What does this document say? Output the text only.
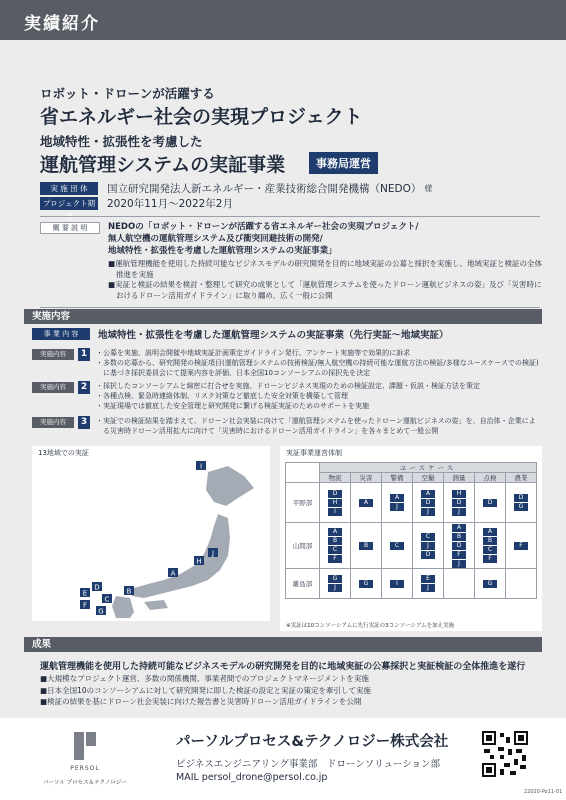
実績紹介
ロボット・ドローンが活躍する
省エネルギー社会の実現プロジェクト
地域特性・拡張性を考慮した
運航管理システムの実証事業	事務局運営
実 施 団 体	国立研究開発法人新エネルギー・産業技術総合開発機構（NEDO） 様
プロジェクト期間
2020年11月～2022年2月
概 要 説 明	NEDOの「ロボット・ドローンが活躍する省エネルギー社会の実現プロジェクト/
無人航空機の運航管理システム及び衝突回避技術の開発/
地域特性・拡張性を考慮した運航管理システムの実証事業」
■運航管理機能を使用した持続可能なビジネスモデルの研究開発を目的に地域実証の公募と採択を実施し、地域実証と検証の全体推進を実施
■実証と検証の結果を検討・整理して研究の成果として「運航管理システムを使ったドローン運航ビジネスの姿」及び「災害時におけるドローン活用ガイドライン」に取り纏め、広く一般に公開
実施内容
事 業 内 容	地域特性・拡張性を考慮した運航管理システムの実証事業（先行実証～地域実証）
実施内容	1	・公募を実施、説明会開催や地域実証計画策定ガイドライン発行、アンケート実施等で効果的に訴求
・多数の応募から、研究開発の検証項目(運航管理システムの技術検証/無人航空機の持続可能な運航方法の検証/多様なユースケースでの検証)に基づき採択委員会にて提案内容を評価、日本全国10コンソーシアムの採択先を決定
実施内容	2	・採択したコンソーシアムと綿密に打合せを実施、ドローンビジネス実現のための検証設定、課題・仮説・検証方法を策定
・各種点検、緊急時連絡体制、リスク対策など徹底した安全対策を構築して管理
・実証現場では徹底した安全管理と研究開発に繋げる検証実証のためのサポートを実施
実施内容	3	・実証での検証結果を踏まえて、ドローン社会実装に向けて「運航管理システムを使ったドローン運航ビジネスの姿」を、自治体・企業による災害時ドローン活用拡大に向けて「災害時におけるドローン活用ガイドライン」を各々まとめて一般公開
13地域での実証
I
J
H
A
B
C
D
E
F
G
実証事業運営体制
	ユースケース						
	物流	災害	警備	空撮	測量	点検	農業
平野部	DHI	A	AJ	ADJ	HDJ	D	DG
山間部	ABCF	B	C	CJD	ABDFJ	ABCF	F
離島部	GJ	G	I	EJ		G	
※実証は10コンソーシアムに先行実証の3コンソーシアムを加え実施
成果
運航管理機能を使用した持続可能なビジネスモデルの研究開発を目的に地域実証の公募採択と実証検証の全体推進を遂行
■大規模なプロジェクト運営、多数の関係機関、事業者間でのプロジェクトマネージメントを実施
■日本全国10のコンソーシアムに対して研究開発に即した検証の設定と実証の策定を牽引して実施
■検証の結果を基にドローン社会実装に向けた報告書と災害時ドローン活用ガイドラインを公開
PERSOL
パーソル プロセス＆テクノロジー
パーソルプロセス&テクノロジー株式会社
ビジネスエンジニアリング事業部　ドローンソリューション部
MAIL persol_drone@persol.co.jp
22020-Po11-01
